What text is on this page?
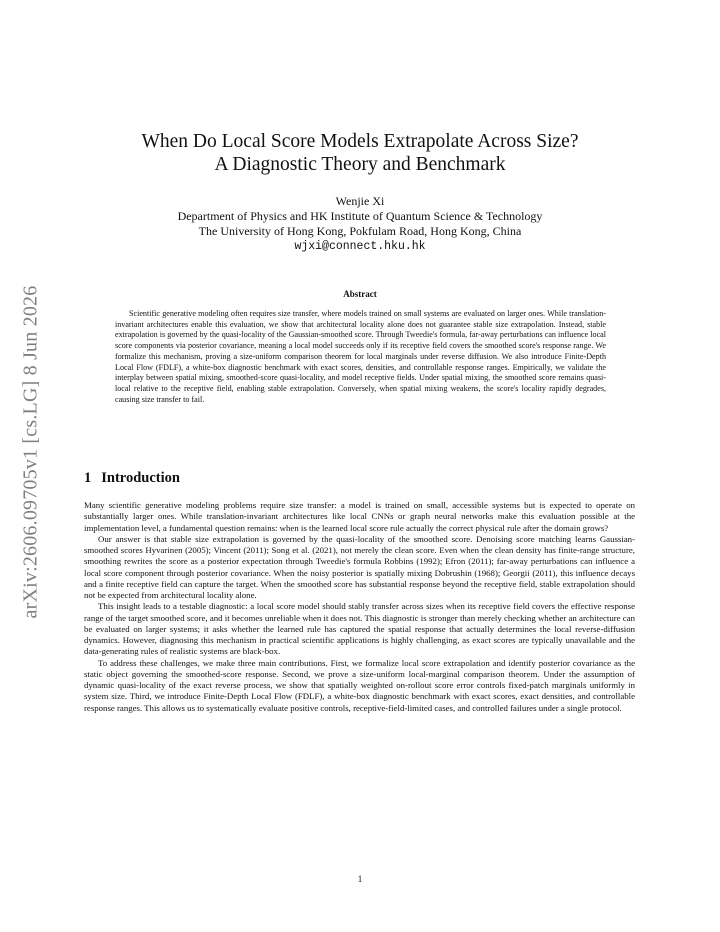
arXiv:2606.09705v1 [cs.LG] 8 Jun 2026
When Do Local Score Models Extrapolate Across Size?
A Diagnostic Theory and Benchmark
Wenjie Xi
Department of Physics and HK Institute of Quantum Science & Technology
The University of Hong Kong, Pokfulam Road, Hong Kong, China
wjxi@connect.hku.hk
Abstract

Scientific generative modeling often requires size transfer, where models trained on small systems are evaluated on larger ones. While translation-invariant architectures enable this evaluation, we show that architectural locality alone does not guarantee stable size extrapolation. Instead, stable extrapolation is governed by the quasi-locality of the Gaussian-smoothed score. Through Tweedie's formula, far-away perturbations can influence local score components via posterior covariance, meaning a local model succeeds only if its receptive field covers the smoothed score's response range. We formalize this mechanism, proving a size-uniform comparison theorem for local marginals under reverse diffusion. We also introduce Finite-Depth Local Flow (FDLF), a white-box diagnostic benchmark with exact scores, densities, and controllable response ranges. Empirically, we validate the interplay between spatial mixing, smoothed-score quasi-locality, and model receptive fields. Under spatial mixing, the smoothed score remains quasi-local relative to the receptive field, enabling stable extrapolation. Conversely, when spatial mixing weakens, the score's locality rapidly degrades, causing size transfer to fail.

1 Introduction

Many scientific generative modeling problems require size transfer: a model is trained on small, accessible systems but is expected to operate on substantially larger ones. While translation-invariant architectures like local CNNs or graph neural networks make this evaluation possible at the implementation level, a fundamental question remains: when is the learned local score rule actually the correct physical rule after the domain grows?

Our answer is that stable size extrapolation is governed by the quasi-locality of the smoothed score. Denoising score matching learns Gaussian-smoothed scores Hyvarinen (2005); Vincent (2011); Song et al. (2021), not merely the clean score. Even when the clean density has finite-range structure, smoothing rewrites the score as a posterior expectation through Tweedie's formula Robbins (1992); Efron (2011); far-away perturbations can influence a local score component through posterior covariance. When the noisy posterior is spatially mixing Dobrushin (1968); Georgii (2011), this influence decays and a finite receptive field can capture the target. When the smoothed score has substantial response beyond the receptive field, stable extrapolation should not be expected from architectural locality alone.

This insight leads to a testable diagnostic: a local score model should stably transfer across sizes when its receptive field covers the effective response range of the target smoothed score, and it becomes unreliable when it does not. This diagnostic is stronger than merely checking whether an architecture can be evaluated on larger systems; it asks whether the learned rule has captured the spatial response that actually determines the local reverse-diffusion dynamics. However, diagnosing this mechanism in practical scientific applications is highly challenging, as exact scores are typically unavailable and the data-generating rules of realistic systems are black-box.

To address these challenges, we make three main contributions. First, we formalize local score extrapolation and identify posterior covariance as the static object governing the smoothed-score response. Second, we prove a size-uniform local-marginal comparison theorem. Under the assumption of dynamic quasi-locality of the exact reverse process, we show that spatially weighted on-rollout score error controls fixed-patch marginals uniformly in system size. Third, we introduce Finite-Depth Local Flow (FDLF), a white-box diagnostic benchmark with exact scores, exact densities, and controllable response ranges. This allows us to systematically evaluate positive controls, receptive-field-limited cases, and controlled failures under a single protocol.

1
